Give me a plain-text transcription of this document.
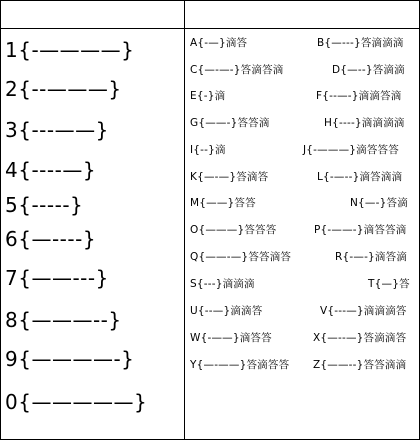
1{-————}
2{--———}
3{---——}
4{----—}
5{-----}
6{—----}
7{——---}
8{———--}
9{————-}
0{—————}
A{-—}滴答
C{—-—-}答滴答滴
E{-}滴
G{——-}答答滴
I{--}滴
K{—-—}答滴答
M{——}答答
O{———}答答答
Q{——-—}答答滴答
S{---}滴滴滴
U{--—}滴滴答
W{-——}滴答答
Y{—-——}答滴答答
B{—---}答滴滴滴
D{—--}答滴滴
F{--—-}滴滴答滴
H{----}滴滴滴滴
J{-———}滴答答答
L{-—--}滴答滴滴
N{—-}答滴
P{-——-}滴答答滴
R{-—-}滴答滴
T{—}答
V{---—}滴滴滴答
X{—--—}答滴滴答
Z{——--}答答滴滴
